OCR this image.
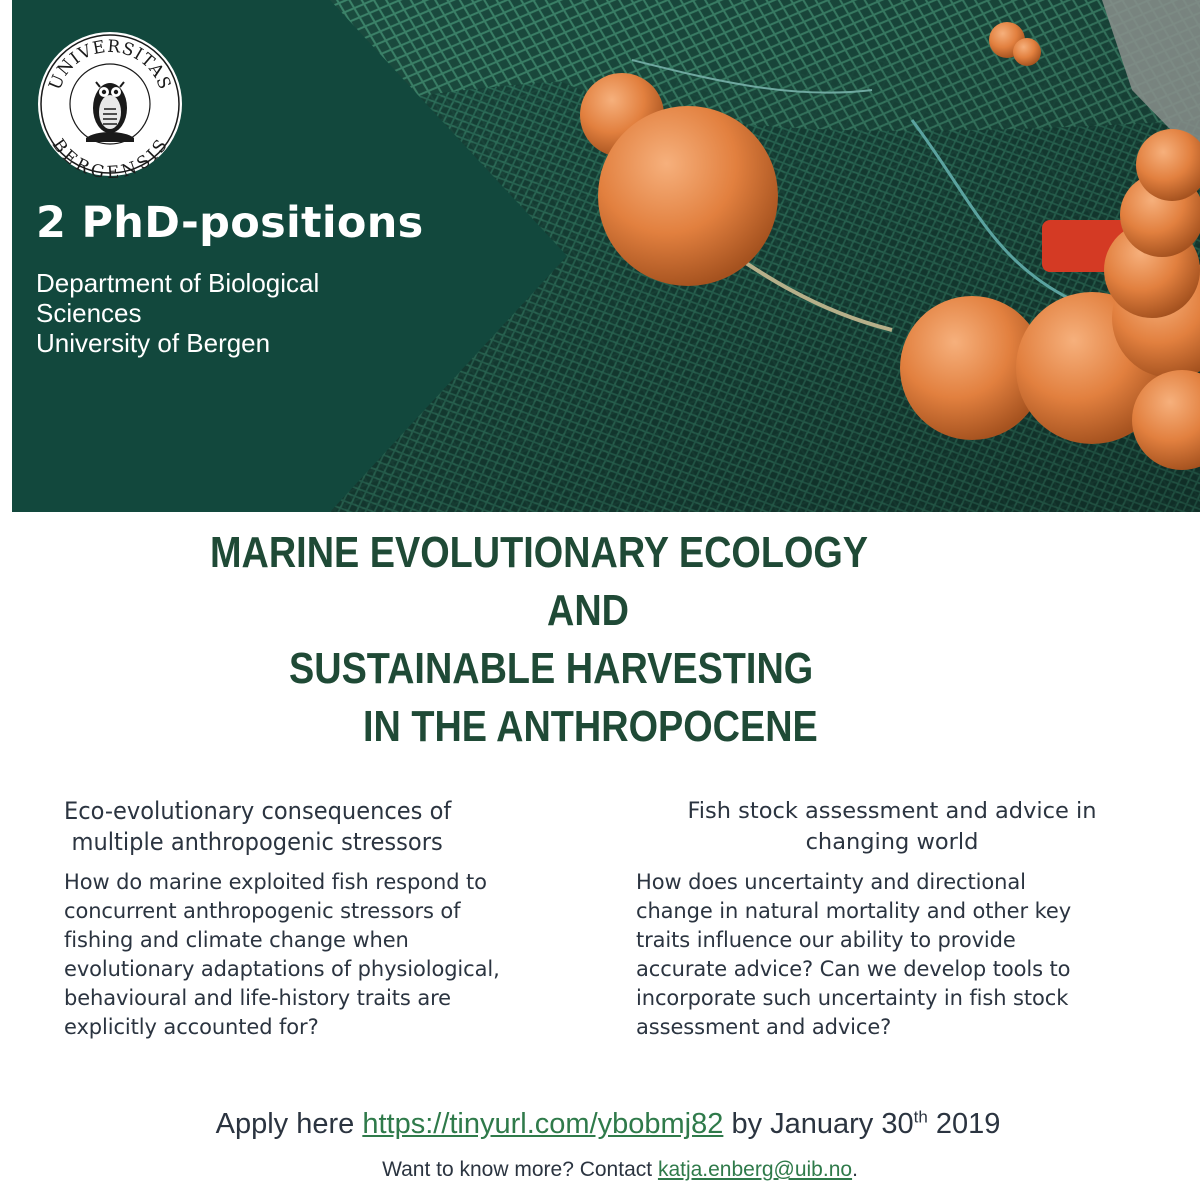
UNIVERSITAS
BERGENSIS
2 PhD-positions
Department of Biological
Sciences
University of Bergen
MARINE EVOLUTIONARY ECOLOGY
AND
SUSTAINABLE HARVESTING
IN THE ANTHROPOCENE
Eco-evolutionary consequences of
multiple anthropogenic stressors

How do marine exploited fish respond to
concurrent anthropogenic stressors of
fishing and climate change when
evolutionary adaptations of physiological,
behavioural and life-history traits are
explicitly accounted for?

Fish stock assessment and advice in
changing world

How does uncertainty and directional
change in natural mortality and other key
traits influence our ability to provide
accurate advice? Can we develop tools to
incorporate such uncertainty in fish stock
assessment and advice?

Apply here https://tinyurl.com/ybobmj82 by January 30th 2019
Want to know more? Contact katja.enberg@uib.no.
